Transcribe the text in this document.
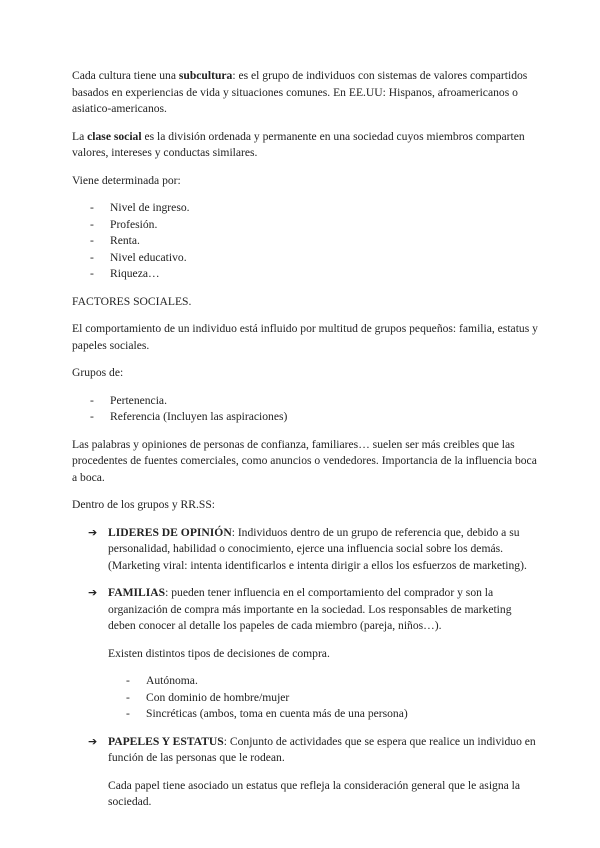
Cada cultura tiene una subcultura: es el grupo de individuos con sistemas de valores compartidos basados en experiencias de vida y situaciones comunes. En EE.UU: Hispanos, afroamericanos o asiatico-americanos.

La clase social es la división ordenada y permanente en una sociedad cuyos miembros comparten valores, intereses y conductas similares.

Viene determinada por:

- Nivel de ingreso.
- Profesión.
- Renta.
- Nivel educativo.
- Riqueza…

FACTORES SOCIALES.

El comportamiento de un individuo está influido por multitud de grupos pequeños: familia, estatus y papeles sociales.

Grupos de:

- Pertenencia.
- Referencia (Incluyen las aspiraciones)

Las palabras y opiniones de personas de confianza, familiares… suelen ser más creibles que las procedentes de fuentes comerciales, como anuncios o vendedores. Importancia de la influencia boca a boca.

Dentro de los grupos y RR.SS:

➔ LIDERES DE OPINIÓN: Individuos dentro de un grupo de referencia que, debido a su personalidad, habilidad o conocimiento, ejerce una influencia social sobre los demás. (Marketing viral: intenta identificarlos e intenta dirigir a ellos los esfuerzos de marketing).
➔ FAMILIAS: pueden tener influencia en el comportamiento del comprador y son la organización de compra más importante en la sociedad. Los responsables de marketing deben conocer al detalle los papeles de cada miembro (pareja, niños…).

Existen distintos tipos de decisiones de compra.

- Autónoma.
- Con dominio de hombre/mujer
- Sincréticas (ambos, toma en cuenta más de una persona)
➔ PAPELES Y ESTATUS: Conjunto de actividades que se espera que realice un individuo en función de las personas que le rodean.

Cada papel tiene asociado un estatus que refleja la consideración general que le asigna la sociedad.
